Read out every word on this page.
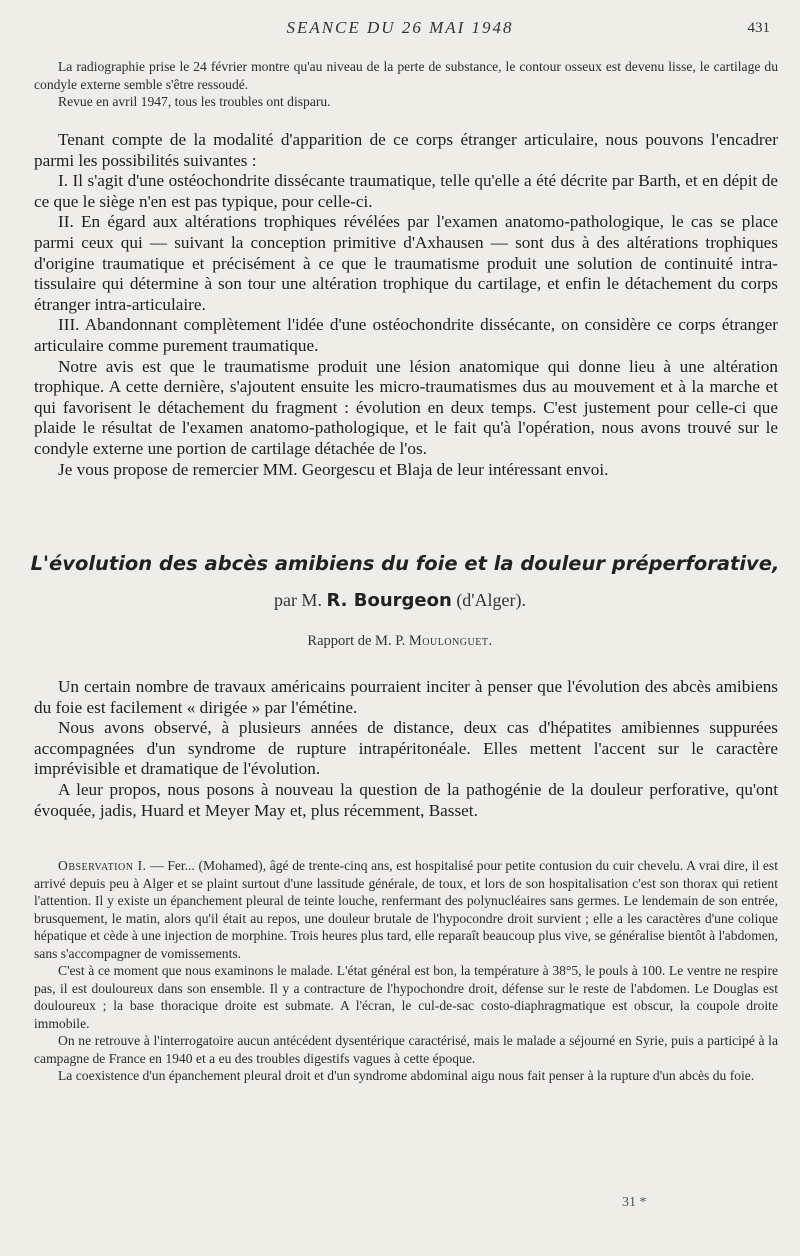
SEANCE DU 26 MAI 1948	431

La radiographie prise le 24 février montre qu'au niveau de la perte de substance, le contour osseux est devenu lisse, le cartilage du condyle externe semble s'être ressoudé.

Revue en avril 1947, tous les troubles ont disparu.

Tenant compte de la modalité d'apparition de ce corps étranger articulaire, nous pouvons l'encadrer parmi les possibilités suivantes :

I. Il s'agit d'une ostéochondrite dissécante traumatique, telle qu'elle a été décrite par Barth, et en dépit de ce que le siège n'en est pas typique, pour celle-ci.

II. En égard aux altérations trophiques révélées par l'examen anatomo-pathologique, le cas se place parmi ceux qui — suivant la conception primitive d'Axhausen — sont dus à des altérations trophiques d'origine traumatique et précisément à ce que le traumatisme produit une solution de continuité intra-tissulaire qui détermine à son tour une altération trophique du cartilage, et enfin le détachement du corps étranger intra-articulaire.

III. Abandonnant complètement l'idée d'une ostéochondrite dissécante, on considère ce corps étranger articulaire comme purement traumatique.

Notre avis est que le traumatisme produit une lésion anatomique qui donne lieu à une altération trophique. A cette dernière, s'ajoutent ensuite les micro-traumatismes dus au mouvement et à la marche et qui favorisent le détachement du fragment : évolution en deux temps. C'est justement pour celle-ci que plaide le résultat de l'examen anatomo-pathologique, et le fait qu'à l'opération, nous avons trouvé sur le condyle externe une portion de cartilage détachée de l'os.

Je vous propose de remercier MM. Georgescu et Blaja de leur intéressant envoi.

L'évolution des abcès amibiens du foie et la douleur préperforative,
par M. R. Bourgeon (d'Alger).
Rapport de M. P. Moulonguet.

Un certain nombre de travaux américains pourraient inciter à penser que l'évolution des abcès amibiens du foie est facilement « dirigée » par l'émétine.

Nous avons observé, à plusieurs années de distance, deux cas d'hépatites amibiennes suppurées accompagnées d'un syndrome de rupture intrapéritonéale. Elles mettent l'accent sur le caractère imprévisible et dramatique de l'évolution.

A leur propos, nous posons à nouveau la question de la pathogénie de la douleur perforative, qu'ont évoquée, jadis, Huard et Meyer May et, plus récemment, Basset.

Observation I. — Fer... (Mohamed), âgé de trente-cinq ans, est hospitalisé pour petite contusion du cuir chevelu. A vrai dire, il est arrivé depuis peu à Alger et se plaint surtout d'une lassitude générale, de toux, et lors de son hospitalisation c'est son thorax qui retient l'attention. Il y existe un épanchement pleural de teinte louche, renfermant des polynucléaires sans germes. Le lendemain de son entrée, brusquement, le matin, alors qu'il était au repos, une douleur brutale de l'hypocondre droit survient ; elle a les caractères d'une colique hépatique et cède à une injection de morphine. Trois heures plus tard, elle reparaît beaucoup plus vive, se généralise bientôt à l'abdomen, sans s'accompagner de vomissements.

C'est à ce moment que nous examinons le malade. L'état général est bon, la température à 38°5, le pouls à 100. Le ventre ne respire pas, il est douloureux dans son ensemble. Il y a contracture de l'hypochondre droit, défense sur le reste de l'abdomen. Le Douglas est douloureux ; la base thoracique droite est submate. A l'écran, le cul-de-sac costo-diaphragmatique est obscur, la coupole droite immobile.

On ne retrouve à l'interrogatoire aucun antécédent dysentérique caractérisé, mais le malade a séjourné en Syrie, puis a participé à la campagne de France en 1940 et a eu des troubles digestifs vagues à cette époque.

La coexistence d'un épanchement pleural droit et d'un syndrome abdominal aigu nous fait penser à la rupture d'un abcès du foie.

31 *
